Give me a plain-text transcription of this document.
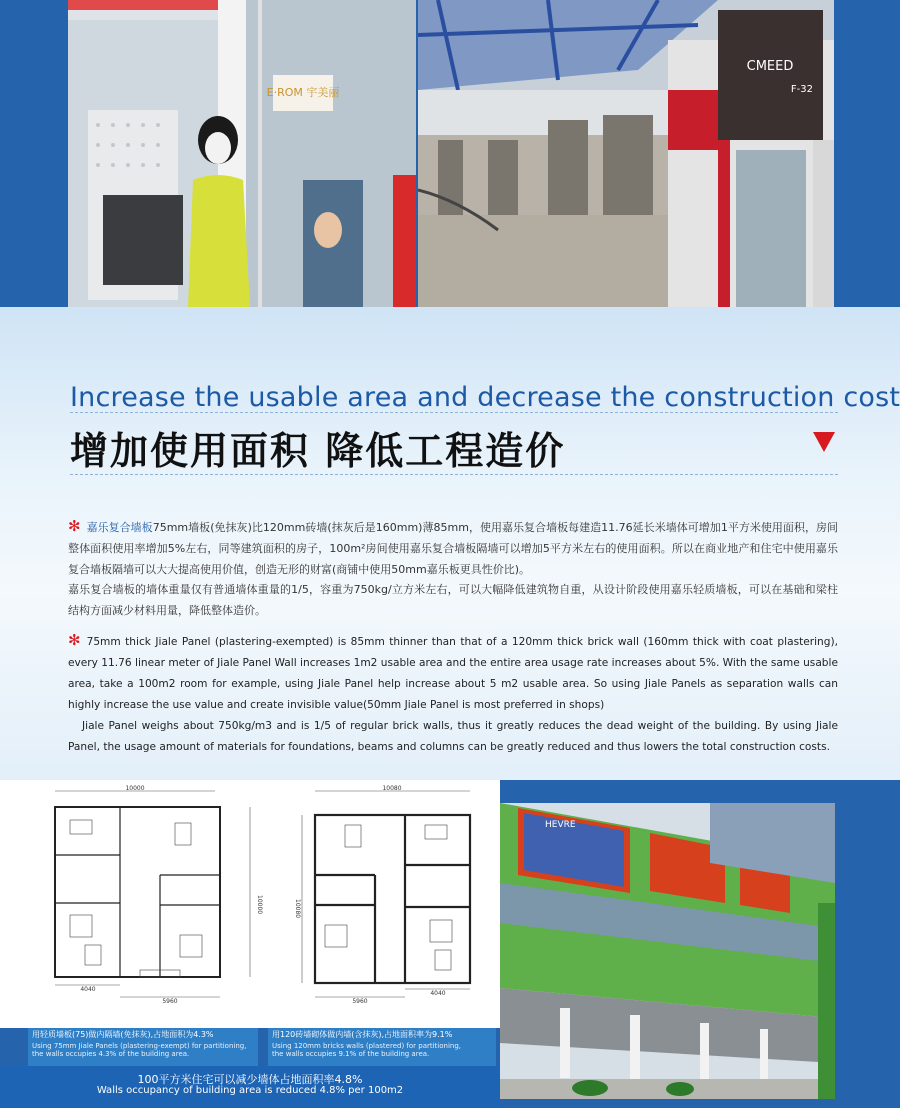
E·ROM 宇美丽
CMEED
F-32
Increase the usable area and decrease the construction cost
增加使用面积 降低工程造价
✻ 嘉乐复合墙板75mm墙板(免抹灰)比120mm砖墙(抹灰后是160mm)薄85mm，使用嘉乐复合墙板每建造11.76延长米墙体可增加1平方米使用面积，房间整体面积使用率增加5%左右，同等建筑面积的房子，100m²房间使用嘉乐复合墙板隔墙可以增加5平方米左右的使用面积。所以在商业地产和住宅中使用嘉乐复合墙板隔墙可以大大提高使用价值，创造无形的财富(商铺中使用50mm嘉乐板更具性价比)。
嘉乐复合墙板的墙体重量仅有普通墙体重量的1/5，容重为750kg/立方米左右，可以大幅降低建筑物自重，从设计阶段使用嘉乐轻质墙板，可以在基础和梁柱结构方面减少材料用量，降低整体造价。

✻ 75mm thick Jiale Panel (plastering-exempted) is 85mm thinner than that of a 120mm thick brick wall (160mm thick with coat plastering), every 11.76 linear meter of Jiale Panel Wall increases 1m2 usable area and the entire area usage rate increases about 5%. With the same usable area, take a 100m2 room for example, using Jiale Panel help increase about 5 m2 usable area. So using Jiale Panels as separation walls can highly increase the use value and create invisible value(50mm Jiale Panel is most preferred in shops)

Jiale Panel weighs about 750kg/m3 and is 1/5 of regular brick walls, thus it greatly reduces the dead weight of the building. By using Jiale Panel, the usage amount of materials for foundations, beams and columns can be greatly reduced and thus lowers the total construction costs.

10000
10000
4040
5960
10080
10080
5960
4040
用轻质墙板(75)做内隔墙(免抹灰),占地面积为4.3%
Using 75mm Jiale Panels (plastering-exempt) for partitioning,
the walls occupies 4.3% of the building area.
用120砖墙砌体做内墙(含抹灰),占地面积率为9.1%
Using 120mm bricks walls (plastered) for partitioning,
the walls occupies 9.1% of the building area.
100平方米住宅可以减少墙体占地面积率4.8%
Walls occupancy of building area is reduced 4.8% per 100m2
HEVRE
